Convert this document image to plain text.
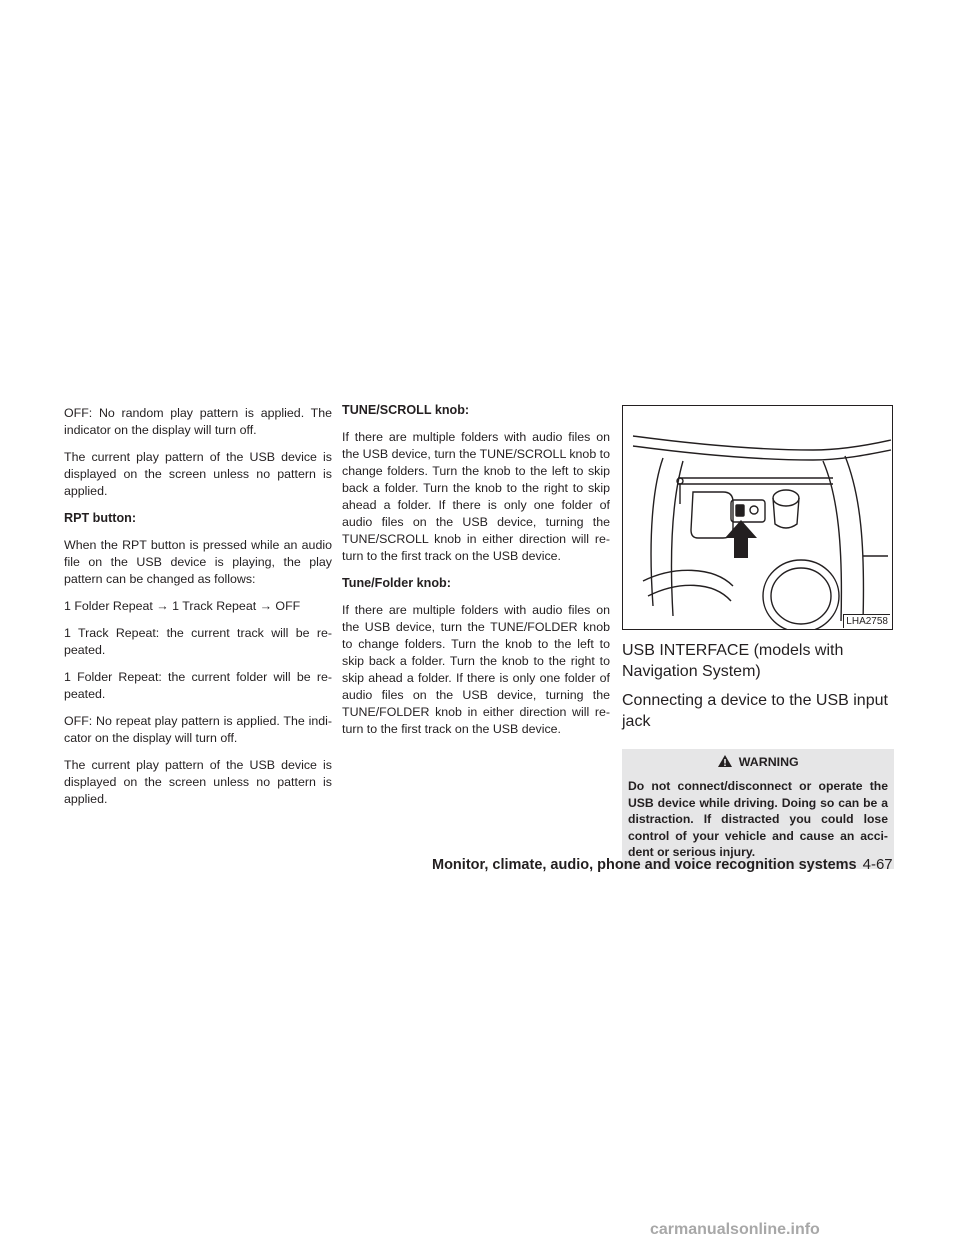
OFF: No random play pattern is applied. The indicator on the display will turn off.

The current play pattern of the USB device is displayed on the screen unless no pattern is applied.

RPT button:

When the RPT button is pressed while an audio file on the USB device is playing, the play pattern can be changed as follows:

1 Folder Repeat → 1 Track Repeat → OFF

1 Track Repeat: the current track will be re-peated.

1 Folder Repeat: the current folder will be re-peated.

OFF: No repeat play pattern is applied. The indi-cator on the display will turn off.

The current play pattern of the USB device is displayed on the screen unless no pattern is applied.

TUNE/SCROLL knob:

If there are multiple folders with audio files on the USB device, turn the TUNE/SCROLL knob to change folders. Turn the knob to the left to skip back a folder. Turn the knob to the right to skip ahead a folder. If there is only one folder of audio files on the USB device, turning the TUNE/SCROLL knob in either direction will re-turn to the first track on the USB device.

Tune/Folder knob:

If there are multiple folders with audio files on the USB device, turn the TUNE/FOLDER knob to change folders. Turn the knob to the left to skip back a folder. Turn the knob to the right to skip ahead a folder. If there is only one folder of audio files on the USB device, turning the TUNE/FOLDER knob in either direction will re-turn to the first track on the USB device.

LHA2758
USB INTERFACE (models with Navigation System)
Connecting a device to the USB input jack
WARNING
Do not connect/disconnect or operate the USB device while driving. Doing so can be a distraction. If distracted you could lose control of your vehicle and cause an acci-dent or serious injury.
Monitor, climate, audio, phone and voice recognition systems 4-67
carmanualsonline.info
